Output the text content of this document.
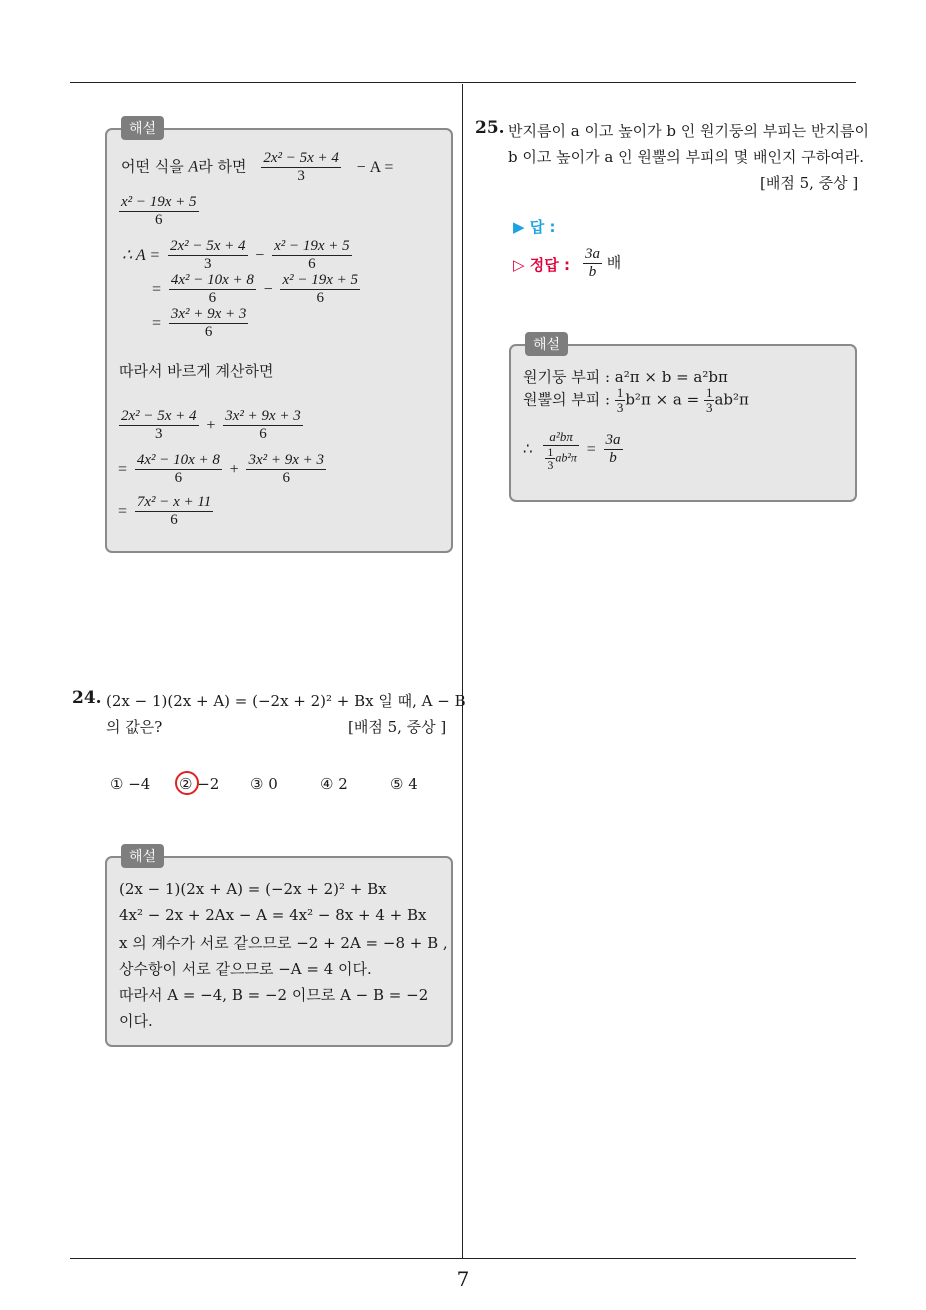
7
해설
어떤 식을 A라 하면 $\frac{\text{2x² − 5x + 4}}{3} - A$ =
$\frac{\text{x² − 19x + 5}}{6}$
∴ $A = \frac{\text{2x² − 5x + 4}}{3} - \frac{\text{x² − 19x + 5}}{6}$
= $\frac{\text{4x² − 10x + 8}}{6} - \frac{\text{x² − 19x + 5}}{6}$
= $\frac{\text{3x² + 9x + 3}}{6}$
따라서 바르게 계산하면
$\frac{\text{2x² − 5x + 4}}{3} + \frac{\text{3x² + 9x + 3}}{6}$
= $\frac{\text{4x² − 10x + 8}}{6} + \frac{\text{3x² + 9x + 3}}{6}$
= $\frac{\text{7x² − x + 11}}{6}$
24. (2x − 1)(2x + A) = (−2x + 2)² + Bx 일 때, A − B
의 값은?	[배점 5, 중상 ]
① −4 ② −2 ③ 0	④ 2	⑤ 4
해설
(2x − 1)(2x + A) = (−2x + 2)² + Bx
4x² − 2x + 2Ax − A = 4x² − 8x + 4 + Bx
x 의 계수가 서로 같으므로 −2 + 2A = −8 + B ,
상수항이 서로 같으므로 −A = 4 이다.
따라서 A = −4, B = −2 이므로 A − B = −2
이다.
25. 반지름이 a 이고 높이가 b 인 원기둥의 부피는 반지름이
b 이고 높이가 a 인 원뿔의 부피의 몇 배인지 구하여라.
[배점 5, 중상 ]
▶ 답 :
▷ 정답 : $\frac{3a}{b}$ 배
해설
원기둥 부피 : a²π × b = a²bπ
원뿔의 부피 : $\frac{1}{3} b^2\pi \times a = \frac{1}{3} ab^2\pi$
∴ $\frac{\text{a²bπ}}{\frac{1}{3} ab^2\pi} = \frac{3a}{b}$
